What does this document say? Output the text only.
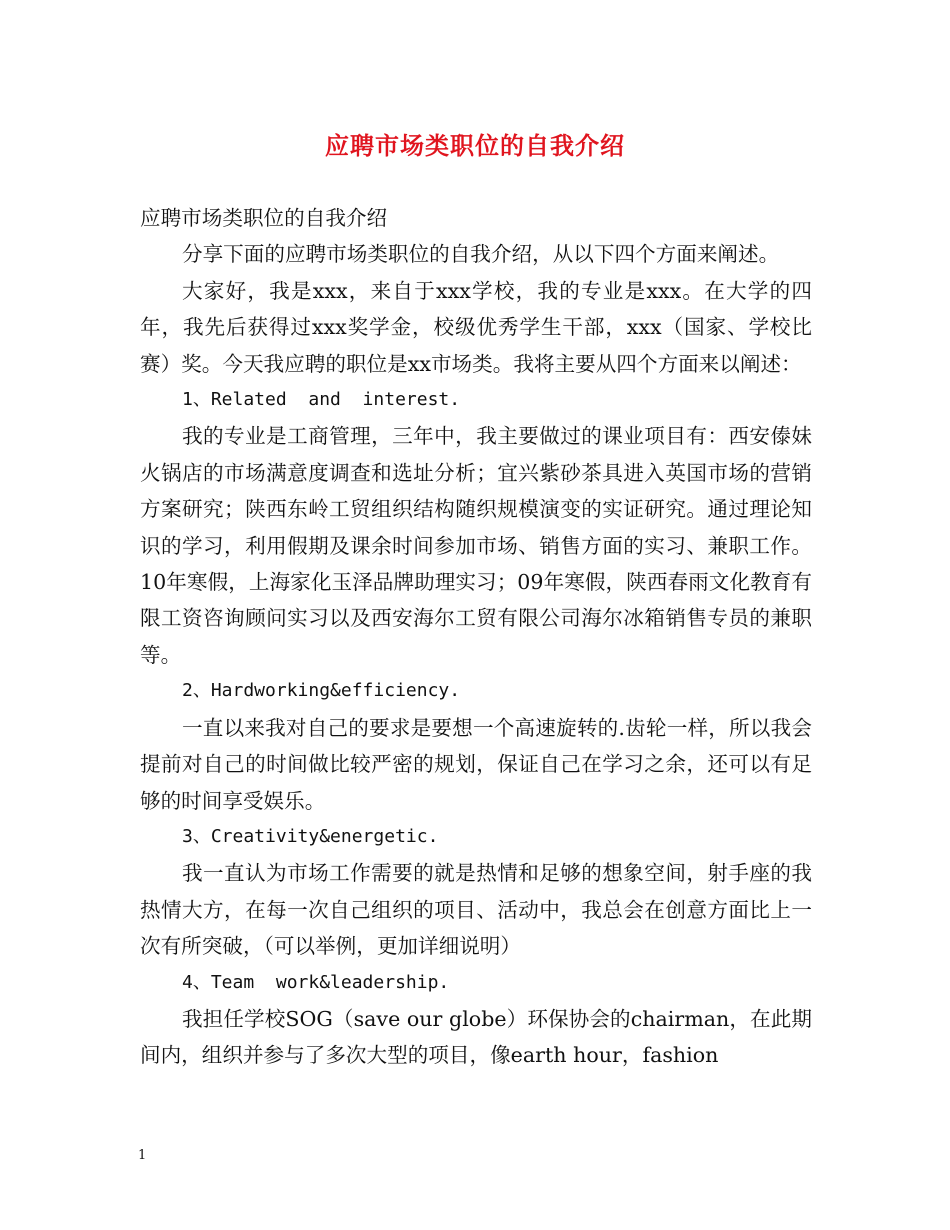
应聘市场类职位的自我介绍

应聘市场类职位的自我介绍

分享下面的应聘市场类职位的自我介绍，从以下四个方面来阐述。

大家好，我是xxx，来自于xxx学校，我的专业是xxx。在大学的四年，我先后获得过xxx奖学金，校级优秀学生干部，xxx（国家、学校比赛）奖。今天我应聘的职位是xx市场类。我将主要从四个方面来以阐述：

1、Related  and  interest.

我的专业是工商管理，三年中，我主要做过的课业项目有：西安傣妹火锅店的市场满意度调查和选址分析；宜兴紫砂茶具进入英国市场的营销方案研究；陕西东岭工贸组织结构随织规模演变的实证研究。通过理论知识的学习，利用假期及课余时间参加市场、销售方面的实习、兼职工作。10年寒假，上海家化玉泽品牌助理实习；09年寒假，陕西春雨文化教育有限工资咨询顾问实习以及西安海尔工贸有限公司海尔冰箱销售专员的兼职等。

2、Hardworking&efficiency.

一直以来我对自己的要求是要想一个高速旋转的.齿轮一样，所以我会提前对自己的时间做比较严密的规划，保证自己在学习之余，还可以有足够的时间享受娱乐。

3、Creativity&energetic.

我一直认为市场工作需要的就是热情和足够的想象空间，射手座的我热情大方，在每一次自己组织的项目、活动中，我总会在创意方面比上一次有所突破，（可以举例，更加详细说明）

4、Team  work&leadership.

我担任学校SOG（save our globe）环保协会的chairman，在此期间内，组织并参与了多次大型的项目，像earth hour，fashion

1
